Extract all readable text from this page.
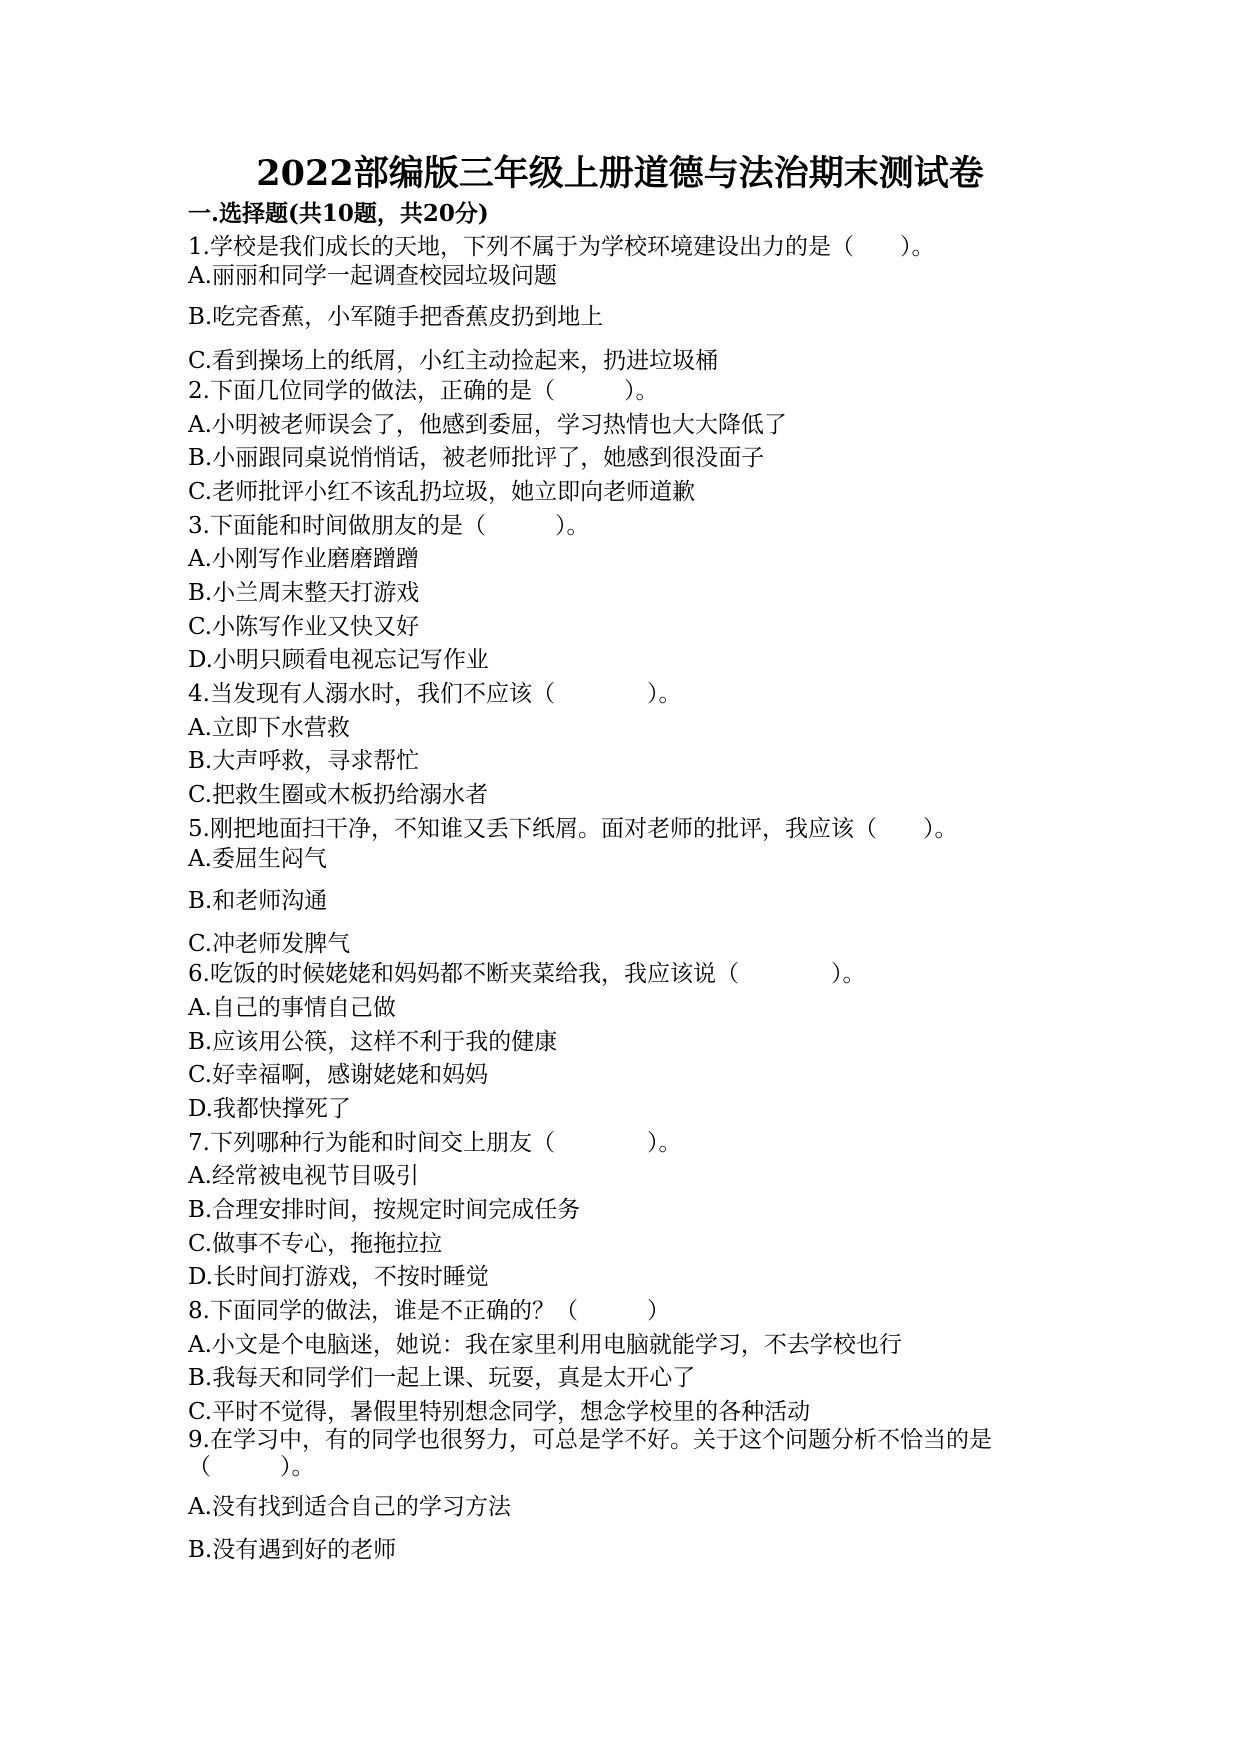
2022部编版三年级上册道德与法治期末测试卷
一.选择题(共10题，共20分)
1.学校是我们成长的天地，下列不属于为学校环境建设出力的是（　　）。
A.丽丽和同学一起调查校园垃圾问题
B.吃完香蕉，小军随手把香蕉皮扔到地上
C.看到操场上的纸屑，小红主动捡起来，扔进垃圾桶
2.下面几位同学的做法，正确的是（　　　）。
A.小明被老师误会了，他感到委屈，学习热情也大大降低了
B.小丽跟同桌说悄悄话，被老师批评了，她感到很没面子
C.老师批评小红不该乱扔垃圾，她立即向老师道歉
3.下面能和时间做朋友的是（　　　）。
A.小刚写作业磨磨蹭蹭
B.小兰周末整天打游戏
C.小陈写作业又快又好
D.小明只顾看电视忘记写作业
4.当发现有人溺水时，我们不应该（　　　　）。
A.立即下水营救
B.大声呼救，寻求帮忙
C.把救生圈或木板扔给溺水者
5.刚把地面扫干净，不知谁又丢下纸屑。面对老师的批评，我应该（　　）。
A.委屈生闷气
B.和老师沟通
C.冲老师发脾气
6.吃饭的时候姥姥和妈妈都不断夹菜给我，我应该说（　　　　）。
A.自己的事情自己做
B.应该用公筷，这样不利于我的健康
C.好幸福啊，感谢姥姥和妈妈
D.我都快撑死了
7.下列哪种行为能和时间交上朋友（　　　　）。
A.经常被电视节目吸引
B.合理安排时间，按规定时间完成任务
C.做事不专心，拖拖拉拉
D.长时间打游戏，不按时睡觉
8.下面同学的做法，谁是不正确的？（　　　）
A.小文是个电脑迷，她说：我在家里利用电脑就能学习，不去学校也行
B.我每天和同学们一起上课、玩耍，真是太开心了
C.平时不觉得，暑假里特别想念同学，想念学校里的各种活动
9.在学习中，有的同学也很努力，可总是学不好。关于这个问题分析不恰当的是（　　　）。
A.没有找到适合自己的学习方法
B.没有遇到好的老师
